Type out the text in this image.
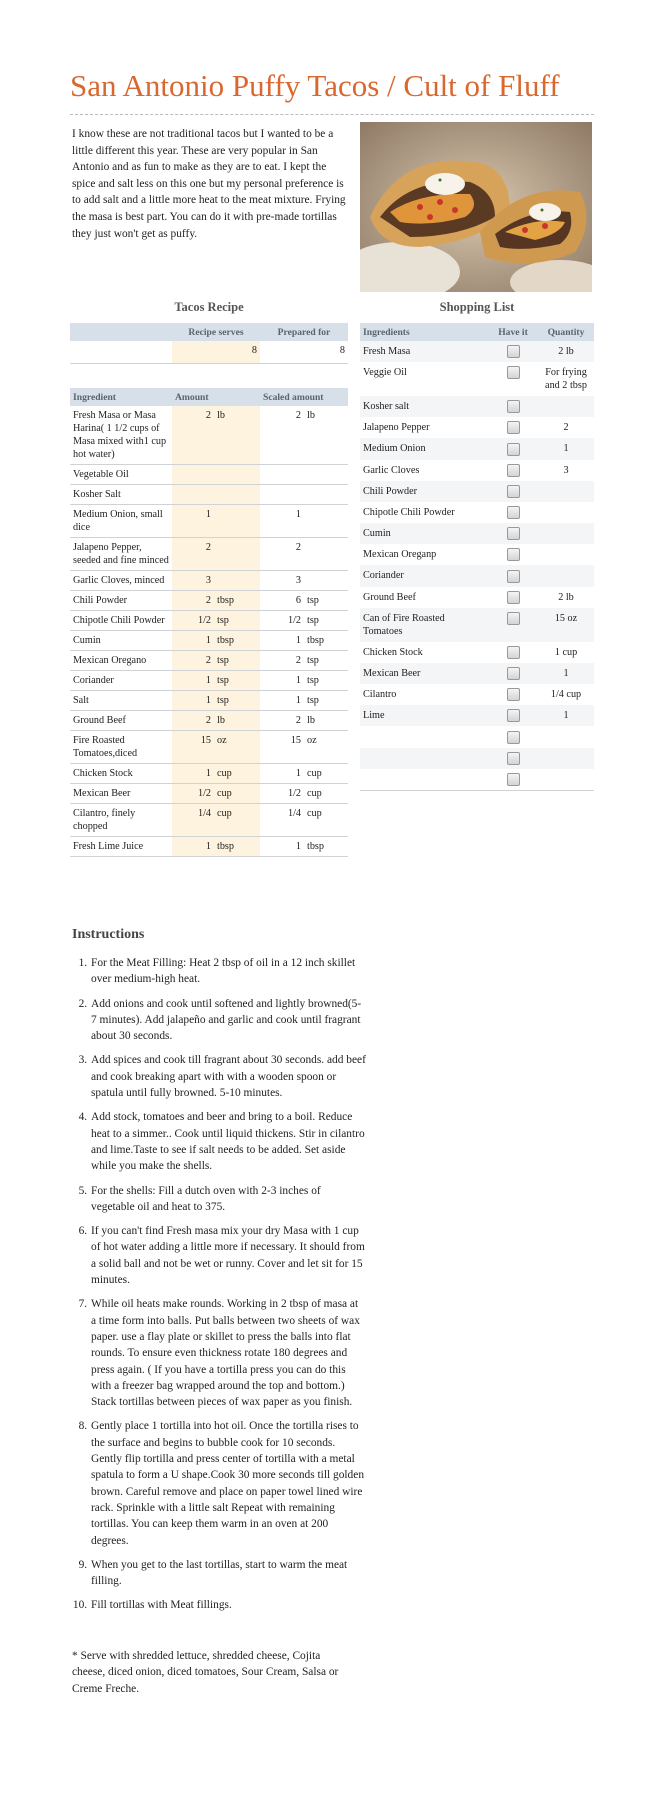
San Antonio Puffy Tacos / Cult of Fluff

I know these are not traditional tacos but I wanted to be a little different this year. These are very popular in San Antonio and as fun to make as they are to eat. I kept the spice and salt less on this one but my personal preference is to add salt and a little more heat to the meat mixture. Frying the masa is best part. You can do it with pre-made tortillas they just won't get as puffy.

Tacos Recipe	Shopping List
	Recipe serves	Prepared for
	8	8
Ingredient	Amount		Scaled amount	
Fresh Masa or Masa Harina( 1 1/2 cups of Masa mixed with1 cup hot water)	2	lb	2	lb
Vegetable Oil				
Kosher Salt				
Medium Onion, small dice	1		1	
Jalapeno Pepper, seeded and fine minced	2		2	
Garlic Cloves, minced	3		3	
Chili Powder	2	tbsp	6	tsp
Chipotle Chili Powder	1/2	tsp	1/2	tsp
Cumin	1	tbsp	1	tbsp
Mexican Oregano	2	tsp	2	tsp
Coriander	1	tsp	1	tsp
Salt	1	tsp	1	tsp
Ground Beef	2	lb	2	lb
Fire Roasted Tomatoes,diced	15	oz	15	oz
Chicken Stock	1	cup	1	cup
Mexican Beer	1/2	cup	1/2	cup
Cilantro, finely chopped	1/4	cup	1/4	cup
Fresh Lime Juice	1	tbsp	1	tbsp
Ingredients	Have it	Quantity
Fresh Masa		2 lb
Veggie Oil		For frying and 2 tbsp
Kosher salt		
Jalapeno Pepper		2
Medium Onion		1
Garlic Cloves		3
Chili Powder		
Chipotle Chili Powder		
Cumin		
Mexican Oreganp		
Coriander		
Ground Beef		2 lb
Can of Fire Roasted Tomatoes		15 oz
Chicken Stock		1 cup
Mexican Beer		1
Cilantro		1/4 cup
Lime		1

Instructions
1. For the Meat Filling: Heat 2 tbsp of oil in a 12 inch skillet over medium-high heat.
2. Add onions and cook until softened and lightly browned(5-7 minutes). Add jalapeño and garlic and cook until fragrant about 30 seconds.
3. Add spices and cook till fragrant about 30 seconds. add beef and cook breaking apart with with a wooden spoon or spatula until fully browned. 5-10 minutes.
4. Add stock, tomatoes and beer and bring to a boil. Reduce heat to a simmer.. Cook until liquid thickens. Stir in cilantro and lime.Taste to see if salt needs to be added. Set aside while you make the shells.
5. For the shells: Fill a dutch oven with 2-3 inches of vegetable oil and heat to 375.
6. If you can't find Fresh masa mix your dry Masa with 1 cup of hot water adding a little more if necessary. It should from a solid ball and not be wet or runny. Cover and let sit for 15 minutes.
7. While oil heats make rounds. Working in 2 tbsp of masa at a time form into balls. Put balls between two sheets of wax paper. use a flay plate or skillet to press the balls into flat rounds. To ensure even thickness rotate 180 degrees and press again. ( If you have a tortilla press you can do this with a freezer bag wrapped around the top and bottom.) Stack tortillas between pieces of wax paper as you finish.
8. Gently place 1 tortilla into hot oil. Once the tortilla rises to the surface and begins to bubble cook for 10 seconds. Gently flip tortilla and press center of tortilla with a metal spatula to form a U shape.Cook 30 more seconds till golden brown. Careful remove and place on paper towel lined wire rack. Sprinkle with a little salt Repeat with remaining tortillas. You can keep them warm in an oven at 200 degrees.
9. When you get to the last tortillas, start to warm the meat filling.
10. Fill tortillas with Meat fillings.

* Serve with shredded lettuce, shredded cheese, Cojita cheese, diced onion, diced tomatoes, Sour Cream, Salsa or Creme Freche.
